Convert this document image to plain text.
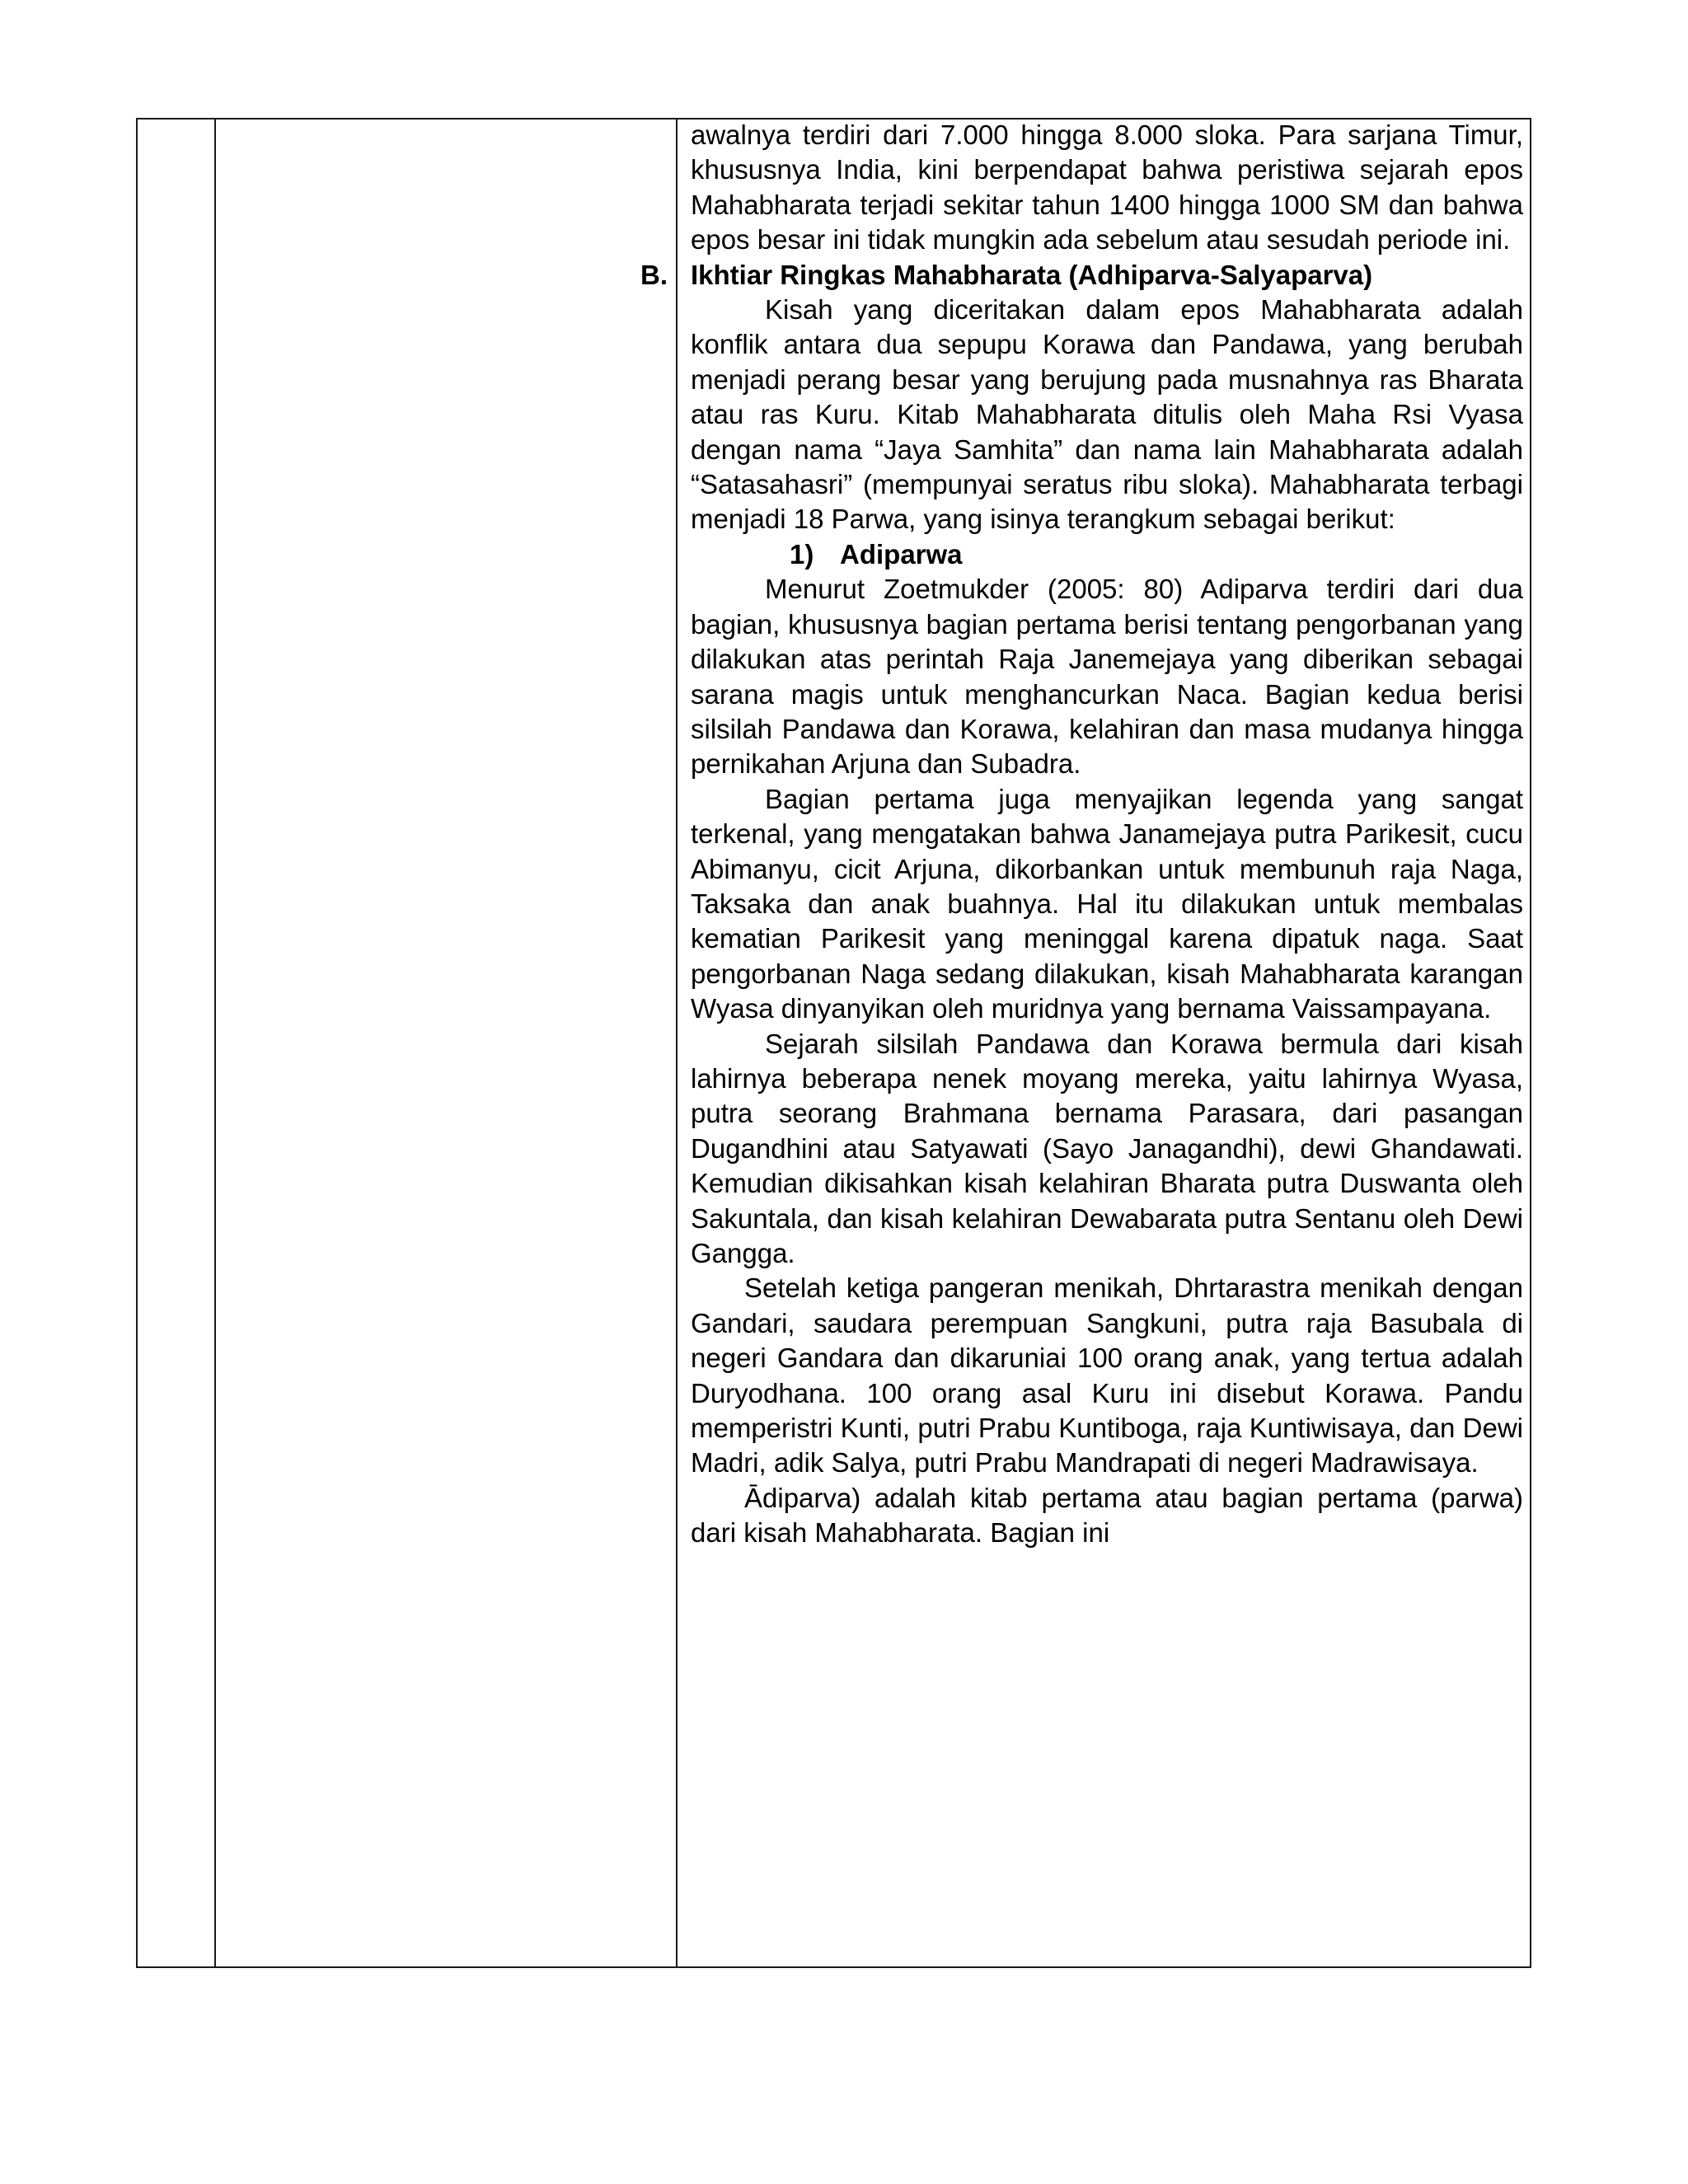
awalnya terdiri dari 7.000 hingga 8.000 sloka. Para sarjana Timur, khususnya India, kini berpendapat bahwa peristiwa sejarah epos Mahabharata terjadi sekitar tahun 1400 hingga 1000 SM dan bahwa epos besar ini tidak mungkin ada sebelum atau sesudah periode ini.

B. Ikhtiar Ringkas Mahabharata (Adhiparva-Salyaparva)

Kisah yang diceritakan dalam epos Mahabharata adalah konflik antara dua sepupu Korawa dan Pandawa, yang berubah menjadi perang besar yang berujung pada musnahnya ras Bharata atau ras Kuru. Kitab Mahabharata ditulis oleh Maha Rsi Vyasa dengan nama “Jaya Samhita” dan nama lain Mahabharata adalah “Satasahasri” (mempunyai seratus ribu sloka). Mahabharata terbagi menjadi 18 Parwa, yang isinya terangkum sebagai berikut:

1) Adiparwa

Menurut Zoetmukder (2005: 80) Adiparva terdiri dari dua bagian, khususnya bagian pertama berisi tentang pengorbanan yang dilakukan atas perintah Raja Janemejaya yang diberikan sebagai sarana magis untuk menghancurkan Naca. Bagian kedua berisi silsilah Pandawa dan Korawa, kelahiran dan masa mudanya hingga pernikahan Arjuna dan Subadra.

Bagian pertama juga menyajikan legenda yang sangat terkenal, yang mengatakan bahwa Janamejaya putra Parikesit, cucu Abimanyu, cicit Arjuna, dikorbankan untuk membunuh raja Naga, Taksaka dan anak buahnya. Hal itu dilakukan untuk membalas kematian Parikesit yang meninggal karena dipatuk naga. Saat pengorbanan Naga sedang dilakukan, kisah Mahabharata karangan Wyasa dinyanyikan oleh muridnya yang bernama Vaissampayana.

Sejarah silsilah Pandawa dan Korawa bermula dari kisah lahirnya beberapa nenek moyang mereka, yaitu lahirnya Wyasa, putra seorang Brahmana bernama Parasara, dari pasangan Dugandhini atau Satyawati (Sayo Janagandhi), dewi Ghandawati. Kemudian dikisahkan kisah kelahiran Bharata putra Duswanta oleh Sakuntala, dan kisah kelahiran Dewabarata putra Sentanu oleh Dewi Gangga.

Setelah ketiga pangeran menikah, Dhrtarastra menikah dengan Gandari, saudara perempuan Sangkuni, putra raja Basubala di negeri Gandara dan dikaruniai 100 orang anak, yang tertua adalah Duryodhana. 100 orang asal Kuru ini disebut Korawa. Pandu memperistri Kunti, putri Prabu Kuntiboga, raja Kuntiwisaya, dan Dewi Madri, adik Salya, putri Prabu Mandrapati di negeri Madrawisaya.

Ādiparva) adalah kitab pertama atau bagian pertama (parwa) dari kisah Mahabharata. Bagian ini
